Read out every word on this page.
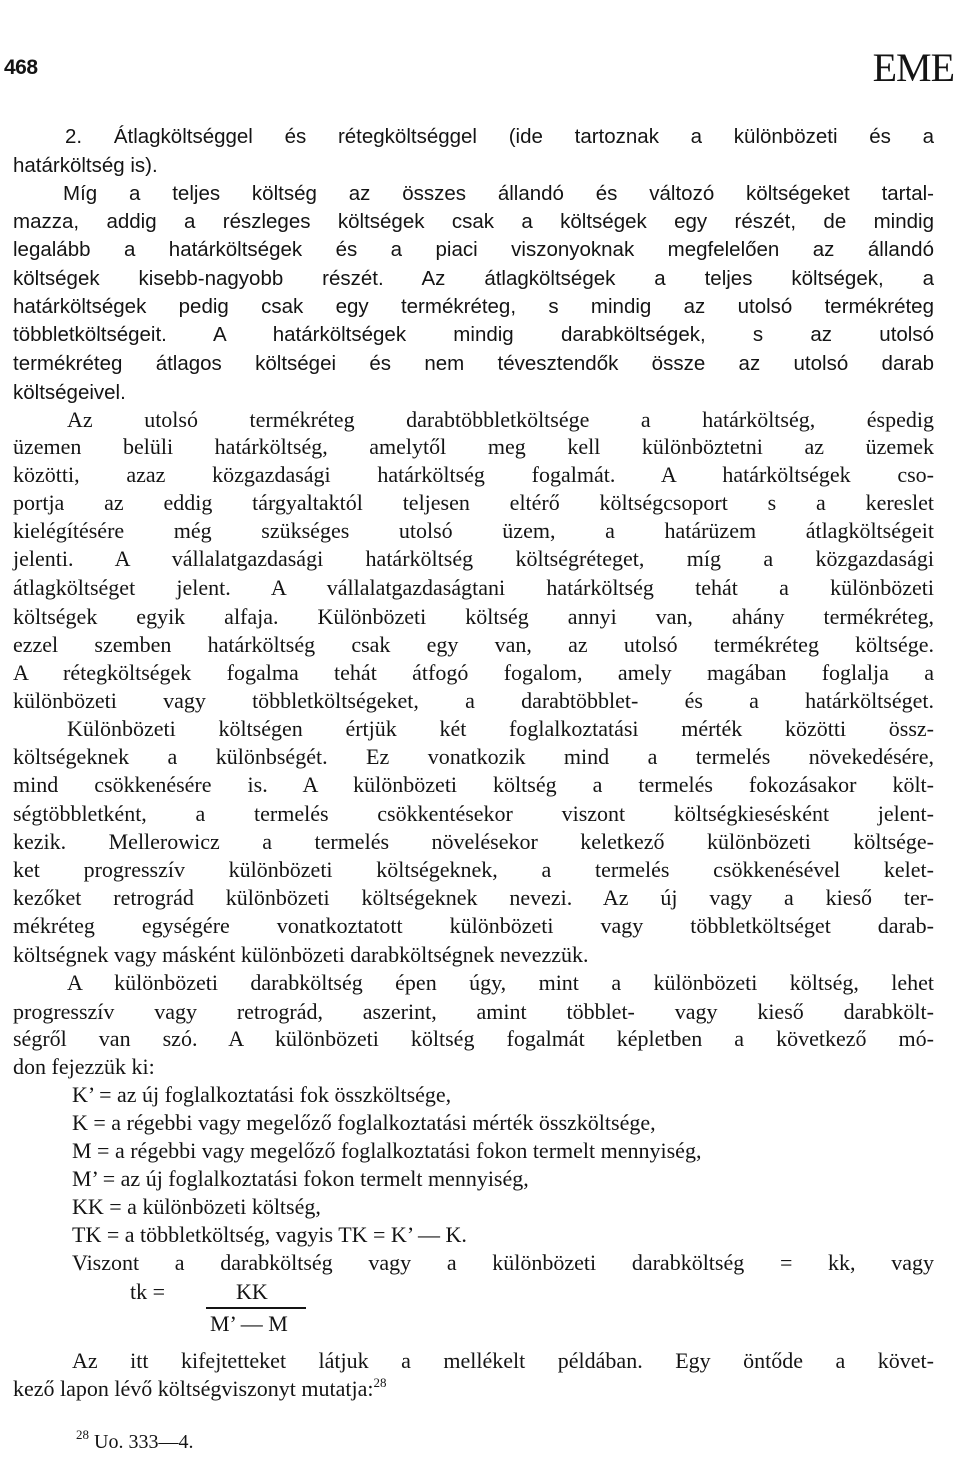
468	EME
2. Átlagköltséggel és rétegköltséggel (ide tartoznak a különbözeti és a
határköltség is).
Míg a teljes költség az összes állandó és változó költségeket tartal-
mazza, addig a részleges költségek csak a költségek egy részét, de mindig
legalább a határköltségek és a piaci viszonyoknak megfelelően az állandó
költségek kisebb-nagyobb részét. Az átlagköltségek a teljes költségek, a
határköltségek pedig csak egy termékréteg, s mindig az utolsó termékréteg
többletköltségeit. A határköltségek mindig darabköltségek, s az utolsó
termékréteg átlagos költségei és nem tévesztendők össze az utolsó darab
költségeivel.
Az utolsó termékréteg darabtöbbletköltsége a határköltség, éspedig
üzemen belüli határköltség, amelytől meg kell különböztetni az üzemek
közötti, azaz közgazdasági határköltség fogalmát. A határköltségek cso-
portja az eddig tárgyaltaktól teljesen eltérő költségcsoport s a kereslet
kielégítésére még szükséges utolsó üzem, a határüzem átlagköltségeit
jelenti. A vállalatgazdasági határköltség költségréteget, míg a közgazdasági
átlagköltséget jelent. A vállalatgazdaságtani határköltség tehát a különbözeti
költségek egyik alfaja. Különbözeti költség annyi van, ahány termékréteg,
ezzel szemben határköltség csak egy van, az utolsó termékréteg költsége.
A rétegköltségek fogalma tehát átfogó fogalom, amely magában foglalja a
különbözeti vagy többletköltségeket, a darabtöbblet- és a határköltséget.
Különbözeti költségen értjük két foglalkoztatási mérték közötti össz-
költségeknek a különbségét. Ez vonatkozik mind a termelés növekedésére,
mind csökkenésére is. A különbözeti költség a termelés fokozásakor költ-
ségtöbbletként, a termelés csökkentésekor viszont költségkiesésként jelent-
kezik. Mellerowicz a termelés növelésekor keletkező különbözeti költsége-
ket progresszív különbözeti költségeknek, a termelés csökkenésével kelet-
kezőket retrográd különbözeti költségeknek nevezi. Az új vagy a kieső ter-
mékréteg egységére vonatkoztatott különbözeti vagy többletköltséget darab-
költségnek vagy másként különbözeti darabköltségnek nevezzük.
A különbözeti darabköltség épen úgy, mint a különbözeti költség, lehet
progresszív vagy retrográd, aszerint, amint többlet- vagy kieső darabkölt-
ségről van szó. A különbözeti költség fogalmát képletben a következő mó-
don fejezzük ki:
K’ = az új foglalkoztatási fok összköltsége,
K = a régebbi vagy megelőző foglalkoztatási mérték összköltsége,
M = a régebbi vagy megelőző foglalkoztatási fokon termelt mennyiség,
M’ = az új foglalkoztatási fokon termelt mennyiség,
KK = a különbözeti költség,
TK = a többletköltség, vagyis TK = K’ — K.
Viszont a darabköltség vagy a különbözeti darabköltség = kk, vagy
tk =	KK
M’ — M
Az itt kifejtetteket látjuk a mellékelt példában. Egy öntőde a követ-
kező lapon lévő költségviszonyt mutatja:$^{28}$
$^{28}$ Uo. 333—4.
